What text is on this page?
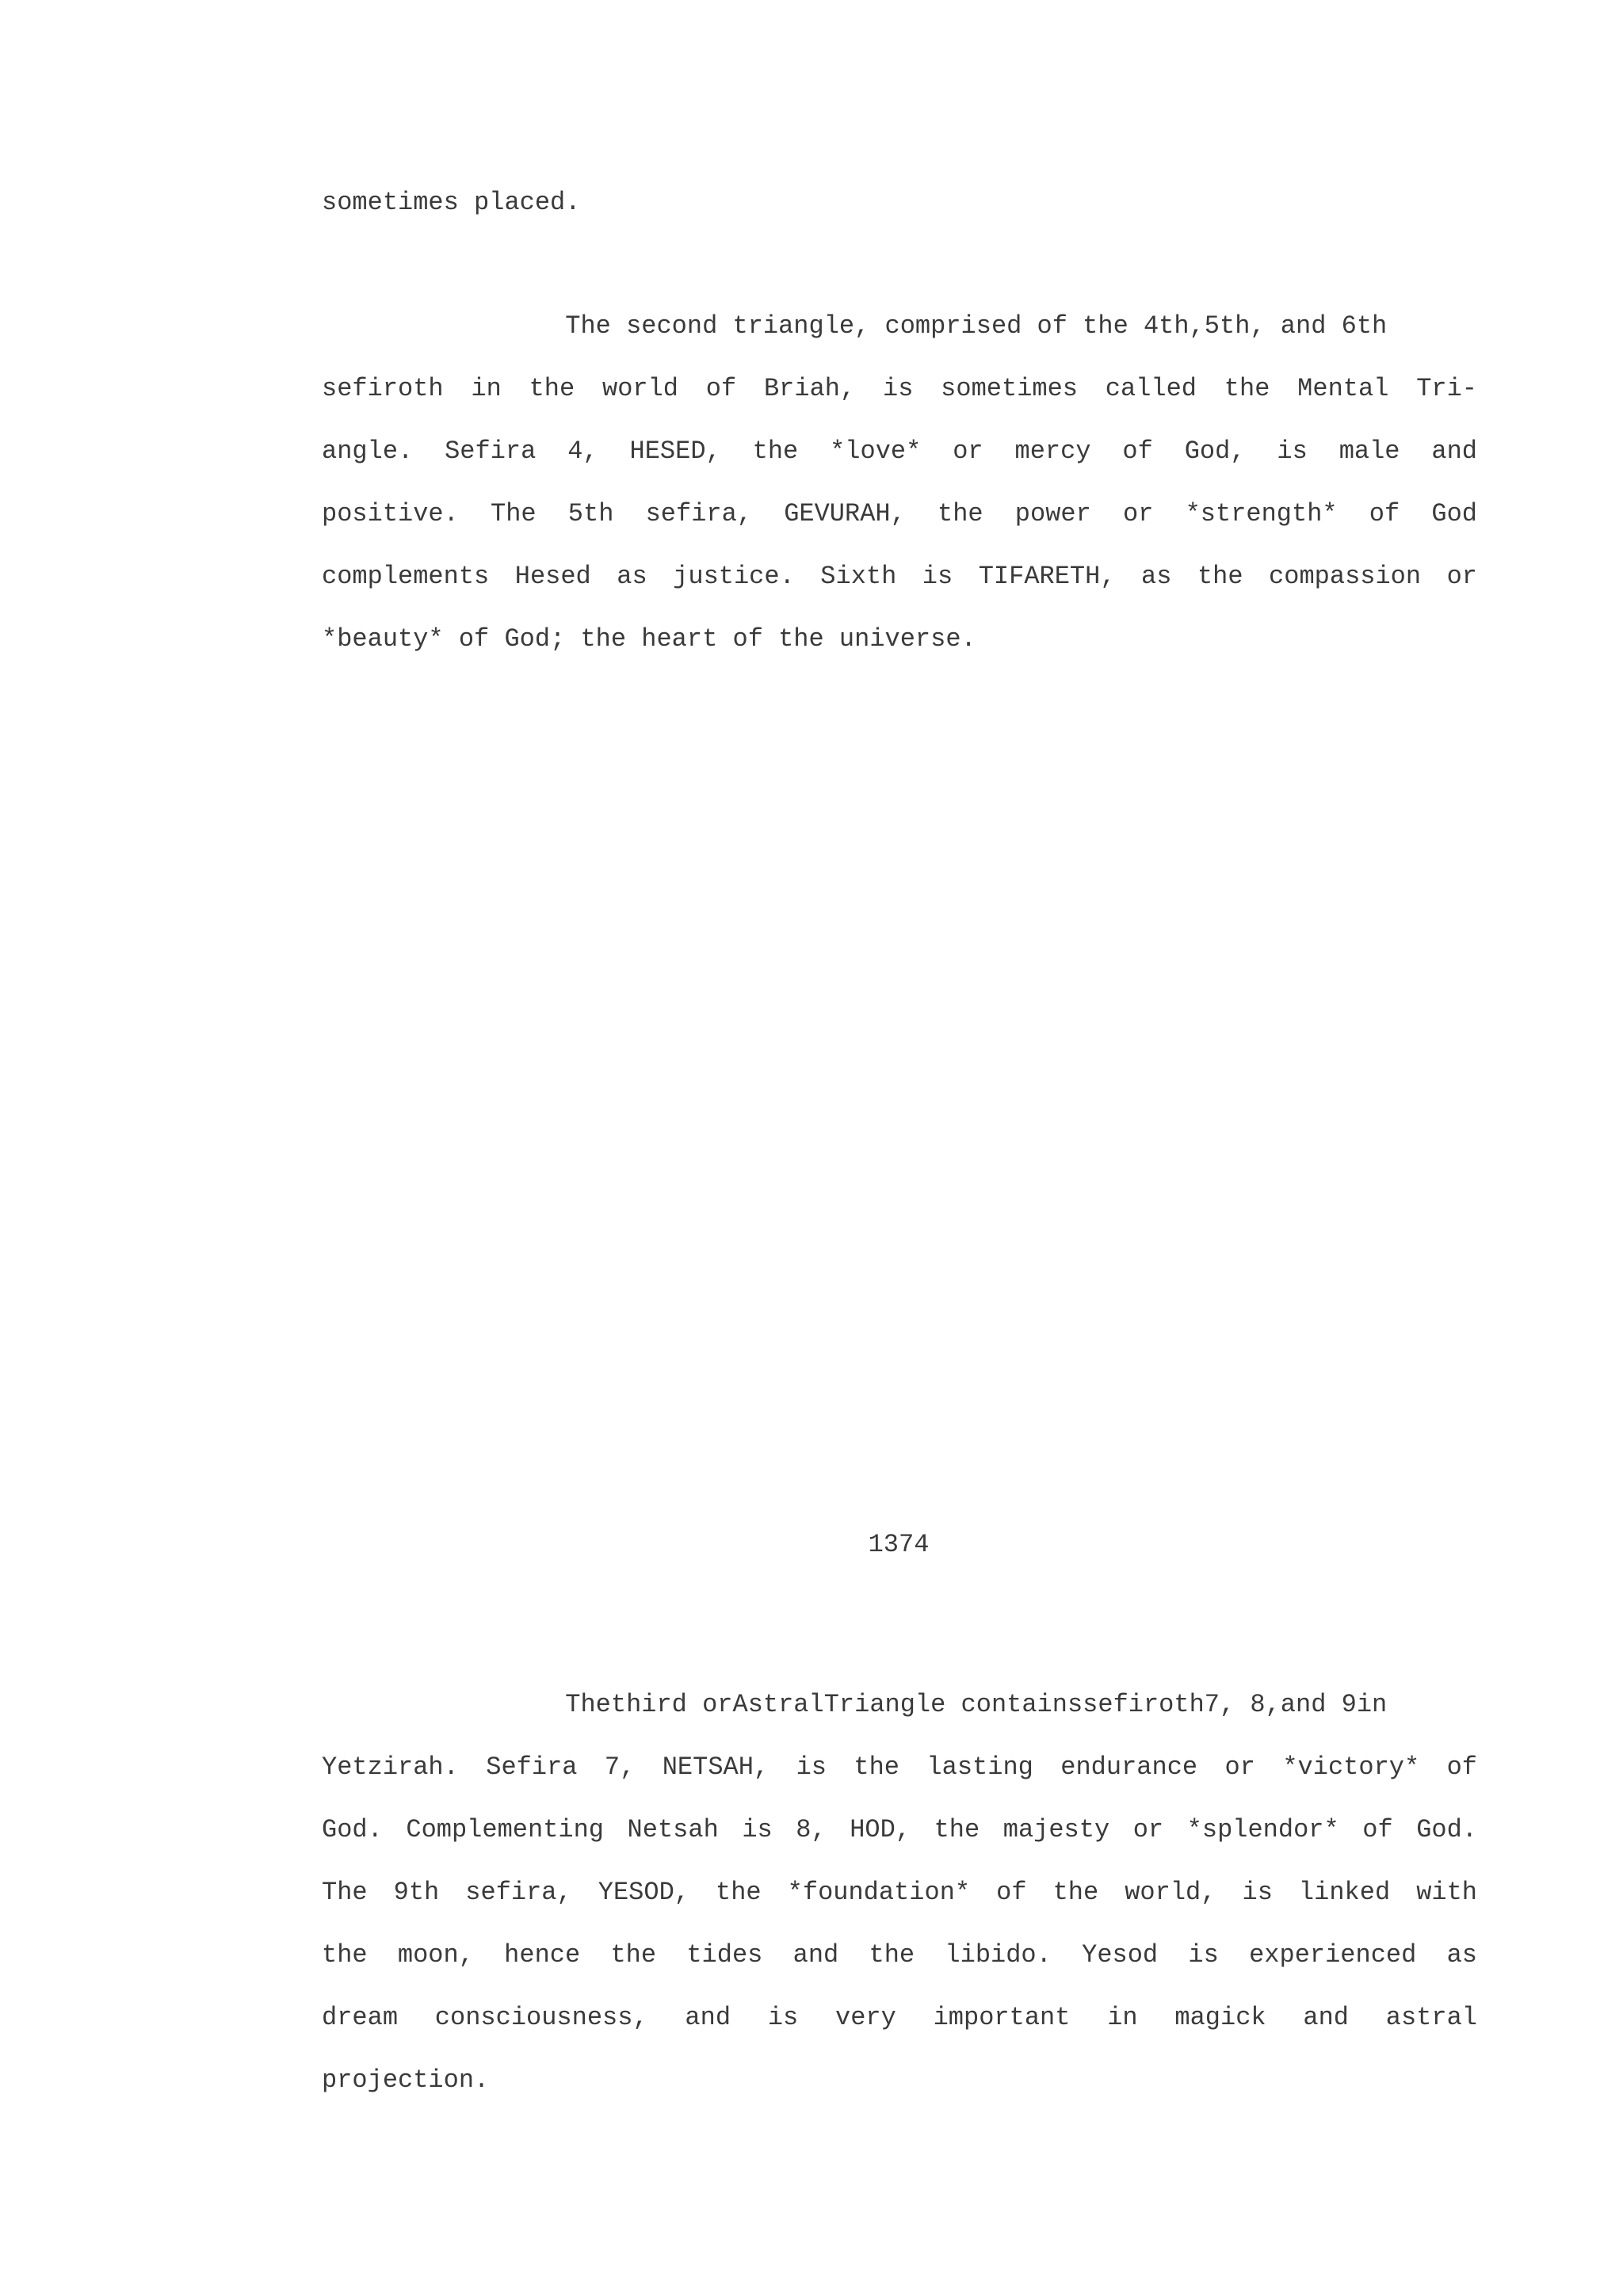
sometimes placed.

The second triangle, comprised of the 4th,5th, and 6th

sefiroth in the world of Briah, is sometimes called the Mental Tri-

angle. Sefira 4, HESED, the *love* or mercy of God, is male and

positive. The 5th sefira, GEVURAH, the power or *strength* of God

complements Hesed as justice. Sixth is TIFARETH, as the compassion or

*beauty* of God; the heart of the universe.

1374

Thethird orAstralTriangle containssefiroth7, 8,and 9in

Yetzirah. Sefira 7, NETSAH, is the lasting endurance or *victory* of

God. Complementing Netsah is 8, HOD, the majesty or *splendor* of God.

The 9th sefira, YESOD, the *foundation* of the world, is linked with

the moon, hence the tides and the libido. Yesod is experienced as

dream consciousness, and is very important in magick and astral

projection.
